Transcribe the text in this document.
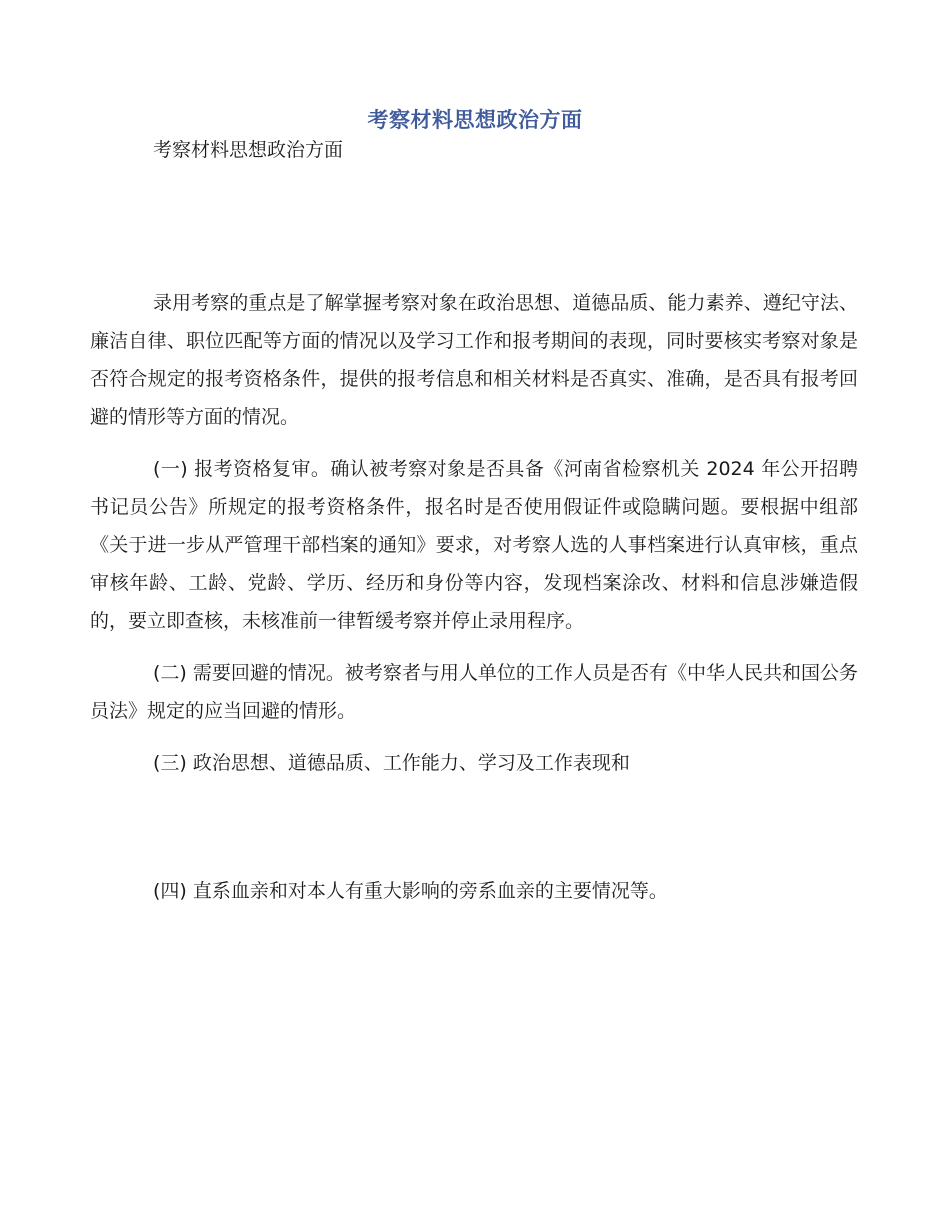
考察材料思想政治方面
考察材料思想政治方面

录用考察的重点是了解掌握考察对象在政治思想、道德品质、能力素养、遵纪守法、廉洁自律、职位匹配等方面的情况以及学习工作和报考期间的表现，同时要核实考察对象是否符合规定的报考资格条件，提供的报考信息和相关材料是否真实、准确，是否具有报考回避的情形等方面的情况。

(一) 报考资格复审。确认被考察对象是否具备《河南省检察机关 2024 年公开招聘书记员公告》所规定的报考资格条件，报名时是否使用假证件或隐瞒问题。要根据中组部《关于进一步从严管理干部档案的通知》要求，对考察人选的人事档案进行认真审核，重点审核年龄、工龄、党龄、学历、经历和身份等内容，发现档案涂改、材料和信息涉嫌造假的，要立即查核，未核准前一律暂缓考察并停止录用程序。

(二) 需要回避的情况。被考察者与用人单位的工作人员是否有《中华人民共和国公务员法》规定的应当回避的情形。

(三) 政治思想、道德品质、工作能力、学习及工作表现和

(四) 直系血亲和对本人有重大影响的旁系血亲的主要情况等。
